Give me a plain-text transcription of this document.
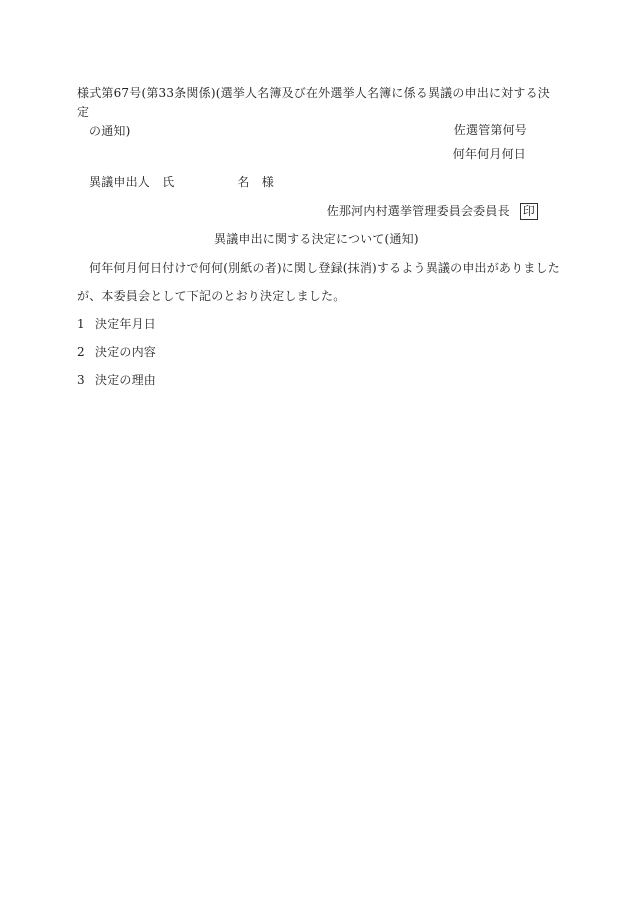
様式第67号(第33条関係)(選挙人名簿及び在外選挙人名簿に係る異議の申出に対する決定
の通知)	佐選管第何号
何年何月何日
異議申出人　氏	名　様
佐那河内村選挙管理委員会委員長 印
異議申出に関する決定について(通知)
何年何月何日付けで何何(別紙の者)に関し登録(抹消)するよう異議の申出がありました
が、本委員会として下記のとおり決定しました。
1 決定年月日
2 決定の内容
3 決定の理由
